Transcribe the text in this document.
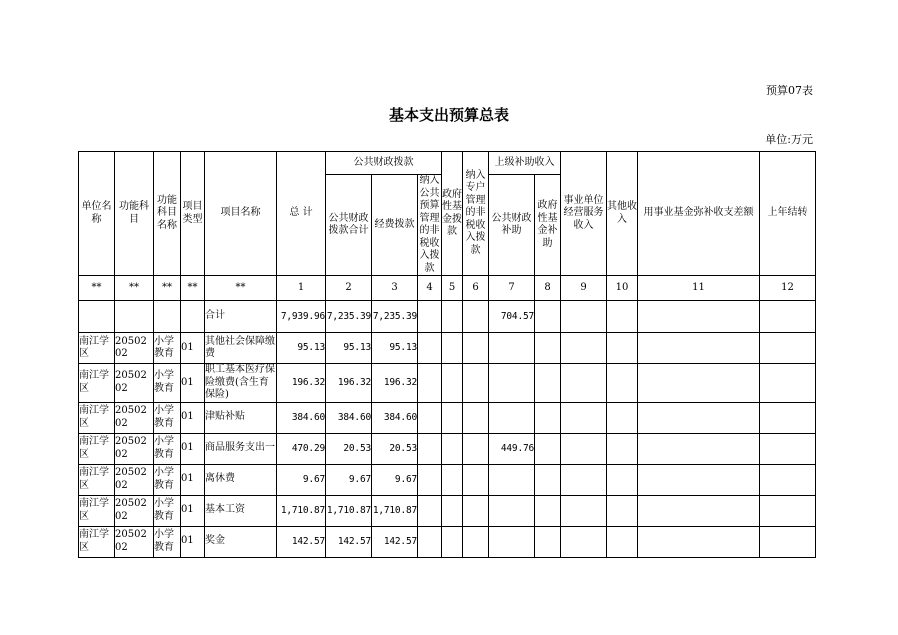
预算07表
基本支出预算总表
单位:万元
单位名称	功能科目	功能科目名称	项目类型	项目名称	总 计	公共财政拨款			政府性基金拨款	纳入专户管理的非税收入拨款	上级补助收入		事业单位经营服务收入	其他收入	用事业基金弥补收支差额	上年结转
						公共财政拨款合计	经费拨款	纳入公共预算管理的非税收入拨款			公共财政补助	政府性基金补助				
**	**	**	**	**	1	2	3	4	5	6	7	8	9	10	11	12
				合计	7,939.96	7,235.39	7,235.39				704.57					
南江学区	2050202	小学教育	01	其他社会保障缴费	95.13	95.13	95.13									
南江学区	2050202	小学教育	01	职工基本医疗保险缴费(含生育保险)	196.32	196.32	196.32									
南江学区	2050202	小学教育	01	津贴补贴	384.60	384.60	384.60									
南江学区	2050202	小学教育	01	商品服务支出一	470.29	20.53	20.53				449.76					
南江学区	2050202	小学教育	01	离休费	9.67	9.67	9.67									
南江学区	2050202	小学教育	01	基本工资	1,710.87	1,710.87	1,710.87									
南江学区	2050202	小学教育	01	奖金	142.57	142.57	142.57									
